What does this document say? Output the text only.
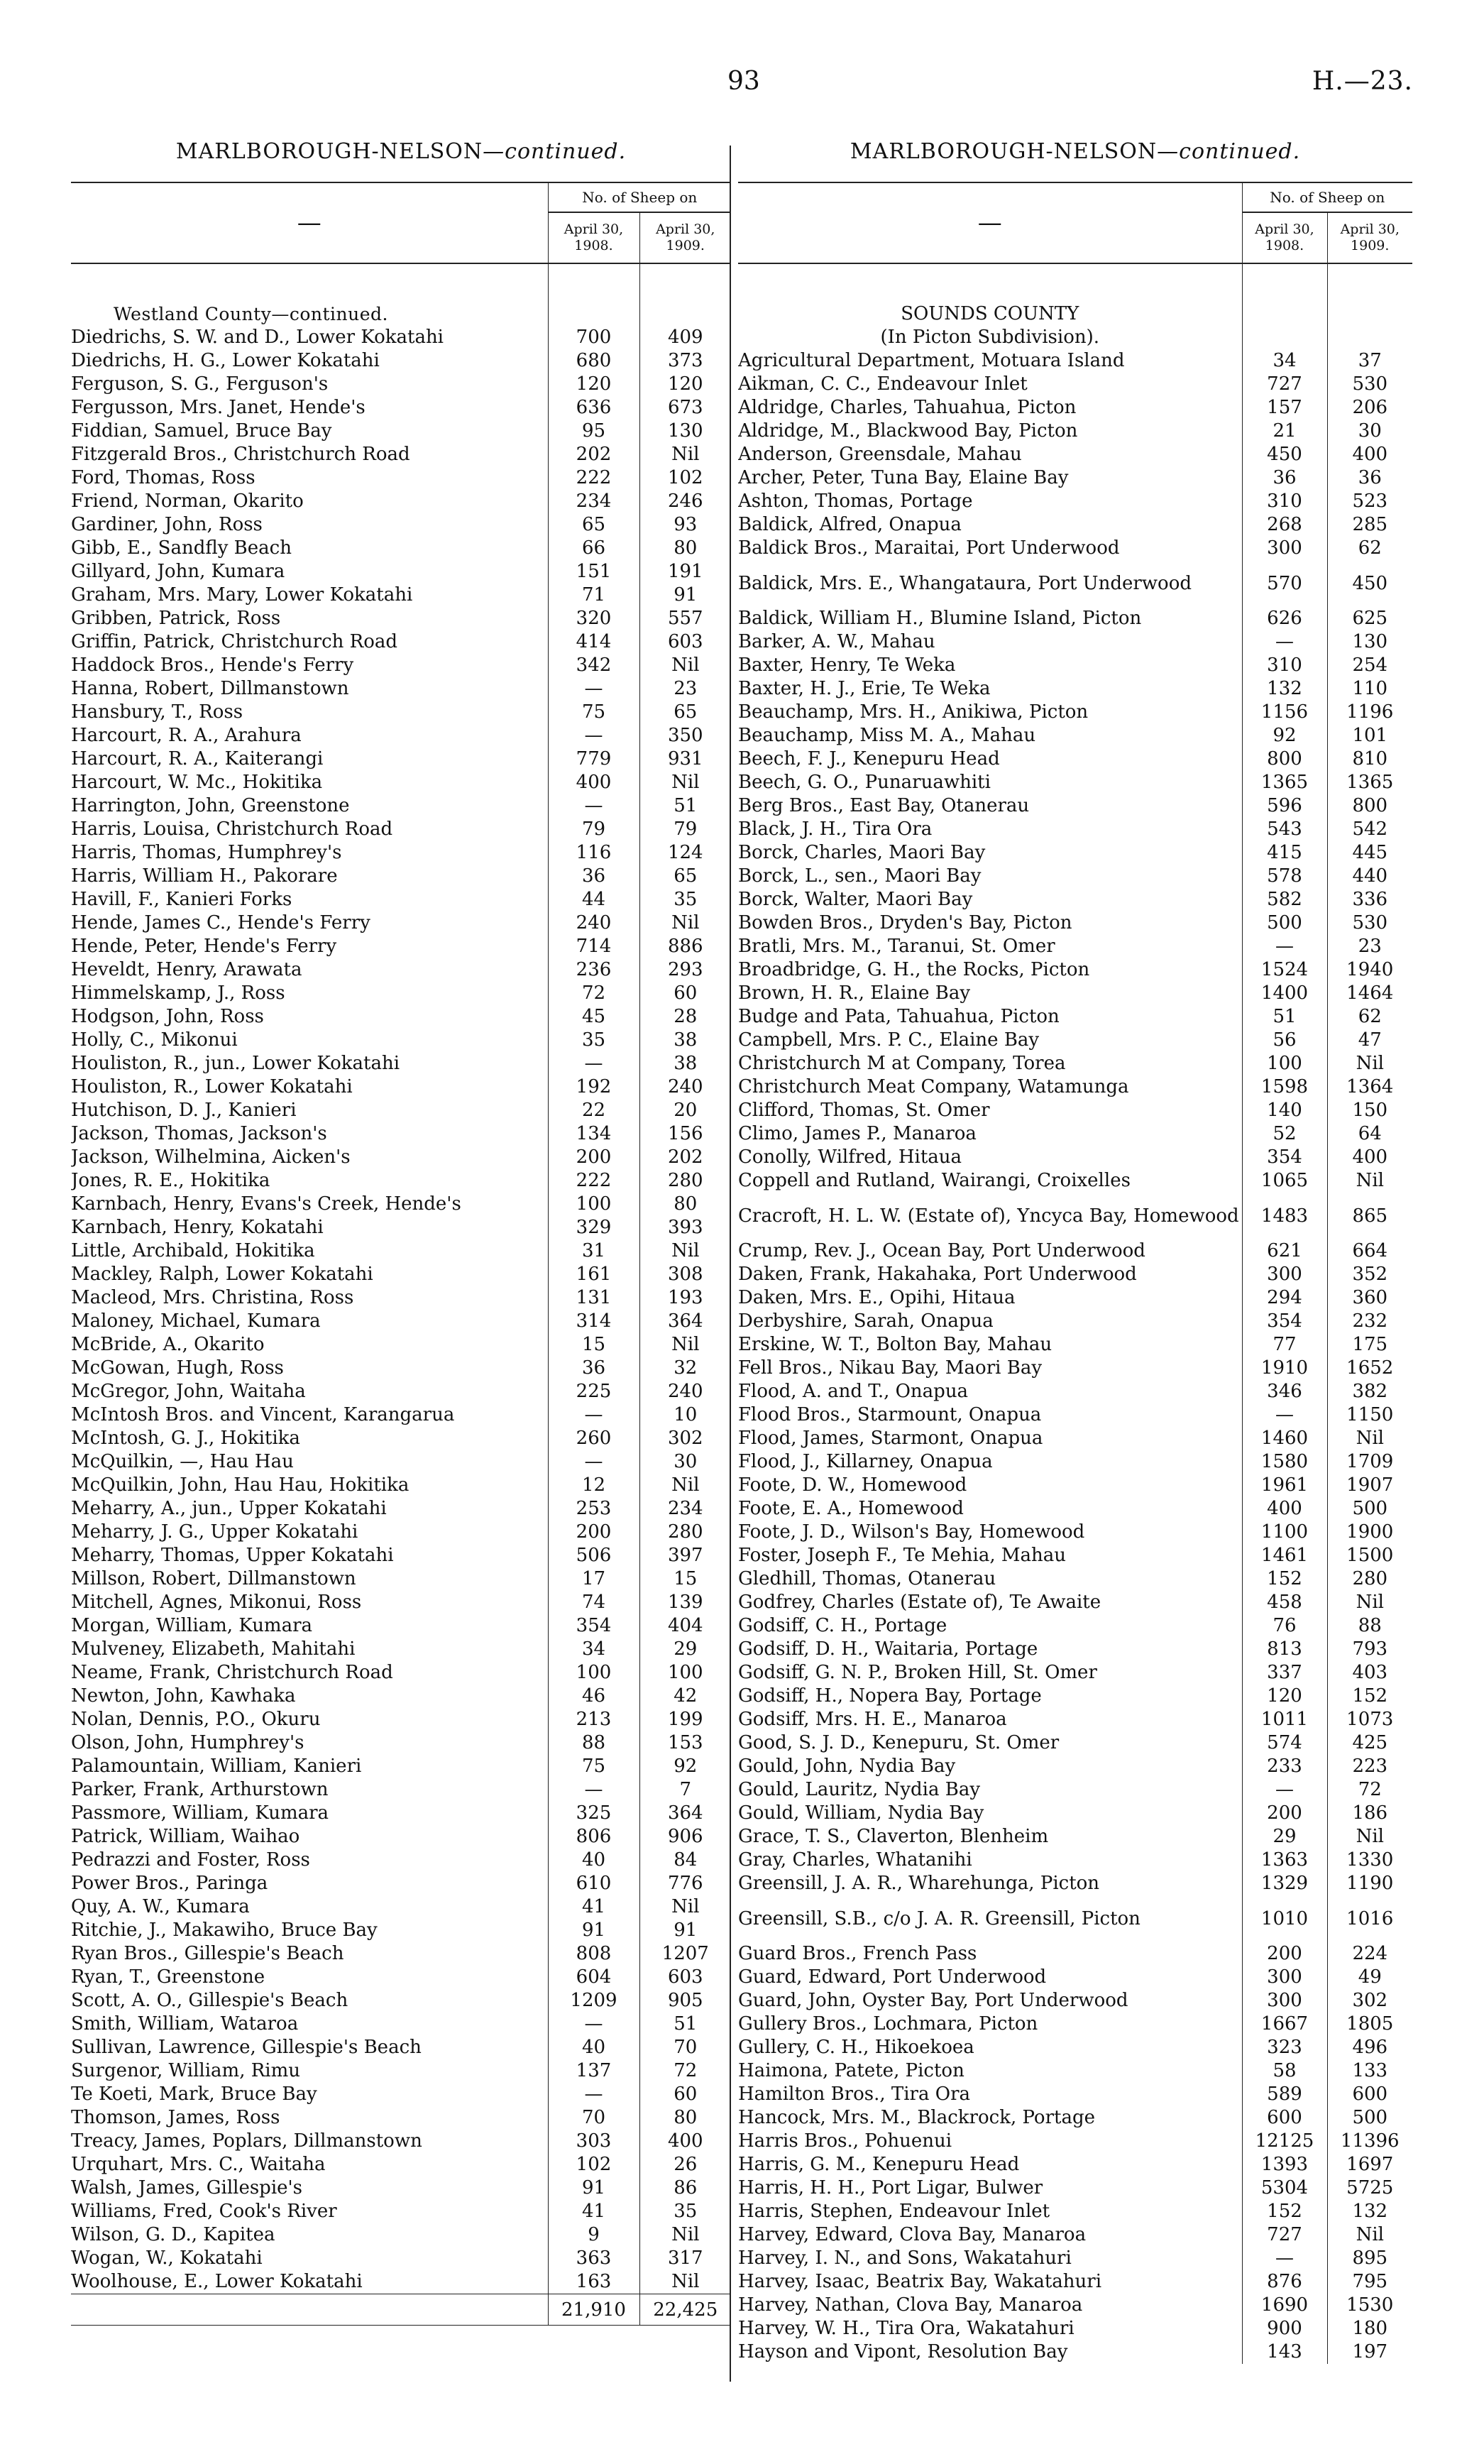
93	H.—23.
MARLBOROUGH-NELSON—continued.
—	No. of Sheep on	
	April 30, 1908.	April 30, 1909.

Westland County—continued.		
Diedrichs, S. W. and D., Lower Kokatahi	700	409
Diedrichs, H. G., Lower Kokatahi	680	373
Ferguson, S. G., Ferguson's	120	120
Fergusson, Mrs. Janet, Hende's	636	673
Fiddian, Samuel, Bruce Bay	95	130
Fitzgerald Bros., Christchurch Road	202	Nil
Ford, Thomas, Ross	222	102
Friend, Norman, Okarito	234	246
Gardiner, John, Ross	65	93
Gibb, E., Sandfly Beach	66	80
Gillyard, John, Kumara	151	191
Graham, Mrs. Mary, Lower Kokatahi	71	91
Gribben, Patrick, Ross	320	557
Griffin, Patrick, Christchurch Road	414	603
Haddock Bros., Hende's Ferry	342	Nil
Hanna, Robert, Dillmanstown	—	23
Hansbury, T., Ross	75	65
Harcourt, R. A., Arahura	—	350
Harcourt, R. A., Kaiterangi	779	931
Harcourt, W. Mc., Hokitika	400	Nil
Harrington, John, Greenstone	—	51
Harris, Louisa, Christchurch Road	79	79
Harris, Thomas, Humphrey's	116	124
Harris, William H., Pakorare	36	65
Havill, F., Kanieri Forks	44	35
Hende, James C., Hende's Ferry	240	Nil
Hende, Peter, Hende's Ferry	714	886
Heveldt, Henry, Arawata	236	293
Himmelskamp, J., Ross	72	60
Hodgson, John, Ross	45	28
Holly, C., Mikonui	35	38
Houliston, R., jun., Lower Kokatahi	—	38
Houliston, R., Lower Kokatahi	192	240
Hutchison, D. J., Kanieri	22	20
Jackson, Thomas, Jackson's	134	156
Jackson, Wilhelmina, Aicken's	200	202
Jones, R. E., Hokitika	222	280
Karnbach, Henry, Evans's Creek, Hende's	100	80
Karnbach, Henry, Kokatahi	329	393
Little, Archibald, Hokitika	31	Nil
Mackley, Ralph, Lower Kokatahi	161	308
Macleod, Mrs. Christina, Ross	131	193
Maloney, Michael, Kumara	314	364
McBride, A., Okarito	15	Nil
McGowan, Hugh, Ross	36	32
McGregor, John, Waitaha	225	240
McIntosh Bros. and Vincent, Karangarua	—	10
McIntosh, G. J., Hokitika	260	302
McQuilkin, —, Hau Hau	—	30
McQuilkin, John, Hau Hau, Hokitika	12	Nil
Meharry, A., jun., Upper Kokatahi	253	234
Meharry, J. G., Upper Kokatahi	200	280
Meharry, Thomas, Upper Kokatahi	506	397
Millson, Robert, Dillmanstown	17	15
Mitchell, Agnes, Mikonui, Ross	74	139
Morgan, William, Kumara	354	404
Mulveney, Elizabeth, Mahitahi	34	29
Neame, Frank, Christchurch Road	100	100
Newton, John, Kawhaka	46	42
Nolan, Dennis, P.O., Okuru	213	199
Olson, John, Humphrey's	88	153
Palamountain, William, Kanieri	75	92
Parker, Frank, Arthurstown	—	7
Passmore, William, Kumara	325	364
Patrick, William, Waihao	806	906
Pedrazzi and Foster, Ross	40	84
Power Bros., Paringa	610	776
Quy, A. W., Kumara	41	Nil
Ritchie, J., Makawiho, Bruce Bay	91	91
Ryan Bros., Gillespie's Beach	808	1207
Ryan, T., Greenstone	604	603
Scott, A. O., Gillespie's Beach	1209	905
Smith, William, Wataroa	—	51
Sullivan, Lawrence, Gillespie's Beach	40	70
Surgenor, William, Rimu	137	72
Te Koeti, Mark, Bruce Bay	—	60
Thomson, James, Ross	70	80
Treacy, James, Poplars, Dillmanstown	303	400
Urquhart, Mrs. C., Waitaha	102	26
Walsh, James, Gillespie's	91	86
Williams, Fred, Cook's River	41	35
Wilson, G. D., Kapitea	9	Nil
Wogan, W., Kokatahi	363	317
Woolhouse, E., Lower Kokatahi	163	Nil
	21,910	22,425
MARLBOROUGH-NELSON—continued.
—	No. of Sheep on	
	April 30, 1908.	April 30, 1909.

SOUNDS COUNTY		
(In Picton Subdivision).		
Agricultural Department, Motuara Island	34	37
Aikman, C. C., Endeavour Inlet	727	530
Aldridge, Charles, Tahuahua, Picton	157	206
Aldridge, M., Blackwood Bay, Picton	21	30
Anderson, Greensdale, Mahau	450	400
Archer, Peter, Tuna Bay, Elaine Bay	36	36
Ashton, Thomas, Portage	310	523
Baldick, Alfred, Onapua	268	285
Baldick Bros., Maraitai, Port Underwood	300	62
Baldick, Mrs. E., Whangataura, Port Underwood	570	450
Baldick, William H., Blumine Island, Picton	626	625
Barker, A. W., Mahau	—	130
Baxter, Henry, Te Weka	310	254
Baxter, H. J., Erie, Te Weka	132	110
Beauchamp, Mrs. H., Anikiwa, Picton	1156	1196
Beauchamp, Miss M. A., Mahau	92	101
Beech, F. J., Kenepuru Head	800	810
Beech, G. O., Punaruawhiti	1365	1365
Berg Bros., East Bay, Otanerau	596	800
Black, J. H., Tira Ora	543	542
Borck, Charles, Maori Bay	415	445
Borck, L., sen., Maori Bay	578	440
Borck, Walter, Maori Bay	582	336
Bowden Bros., Dryden's Bay, Picton	500	530
Bratli, Mrs. M., Taranui, St. Omer	—	23
Broadbridge, G. H., the Rocks, Picton	1524	1940
Brown, H. R., Elaine Bay	1400	1464
Budge and Pata, Tahuahua, Picton	51	62
Campbell, Mrs. P. C., Elaine Bay	56	47
Christchurch M at Company, Torea	100	Nil
Christchurch Meat Company, Watamunga	1598	1364
Clifford, Thomas, St. Omer	140	150
Climo, James P., Manaroa	52	64
Conolly, Wilfred, Hitaua	354	400
Coppell and Rutland, Wairangi, Croixelles	1065	Nil
Cracroft, H. L. W. (Estate of), Yncyca Bay, Homewood	1483	865
Crump, Rev. J., Ocean Bay, Port Underwood	621	664
Daken, Frank, Hakahaka, Port Underwood	300	352
Daken, Mrs. E., Opihi, Hitaua	294	360
Derbyshire, Sarah, Onapua	354	232
Erskine, W. T., Bolton Bay, Mahau	77	175
Fell Bros., Nikau Bay, Maori Bay	1910	1652
Flood, A. and T., Onapua	346	382
Flood Bros., Starmount, Onapua	—	1150
Flood, James, Starmont, Onapua	1460	Nil
Flood, J., Killarney, Onapua	1580	1709
Foote, D. W., Homewood	1961	1907
Foote, E. A., Homewood	400	500
Foote, J. D., Wilson's Bay, Homewood	1100	1900
Foster, Joseph F., Te Mehia, Mahau	1461	1500
Gledhill, Thomas, Otanerau	152	280
Godfrey, Charles (Estate of), Te Awaite	458	Nil
Godsiff, C. H., Portage	76	88
Godsiff, D. H., Waitaria, Portage	813	793
Godsiff, G. N. P., Broken Hill, St. Omer	337	403
Godsiff, H., Nopera Bay, Portage	120	152
Godsiff, Mrs. H. E., Manaroa	1011	1073
Good, S. J. D., Kenepuru, St. Omer	574	425
Gould, John, Nydia Bay	233	223
Gould, Lauritz, Nydia Bay	—	72
Gould, William, Nydia Bay	200	186
Grace, T. S., Claverton, Blenheim	29	Nil
Gray, Charles, Whatanihi	1363	1330
Greensill, J. A. R., Wharehunga, Picton	1329	1190
Greensill, S.B., c/o J. A. R. Greensill, Picton	1010	1016
Guard Bros., French Pass	200	224
Guard, Edward, Port Underwood	300	49
Guard, John, Oyster Bay, Port Underwood	300	302
Gullery Bros., Lochmara, Picton	1667	1805
Gullery, C. H., Hikoekoea	323	496
Haimona, Patete, Picton	58	133
Hamilton Bros., Tira Ora	589	600
Hancock, Mrs. M., Blackrock, Portage	600	500
Harris Bros., Pohuenui	12125	11396
Harris, G. M., Kenepuru Head	1393	1697
Harris, H. H., Port Ligar, Bulwer	5304	5725
Harris, Stephen, Endeavour Inlet	152	132
Harvey, Edward, Clova Bay, Manaroa	727	Nil
Harvey, I. N., and Sons, Wakatahuri	—	895
Harvey, Isaac, Beatrix Bay, Wakatahuri	876	795
Harvey, Nathan, Clova Bay, Manaroa	1690	1530
Harvey, W. H., Tira Ora, Wakatahuri	900	180
Hayson and Vipont, Resolution Bay	143	197
